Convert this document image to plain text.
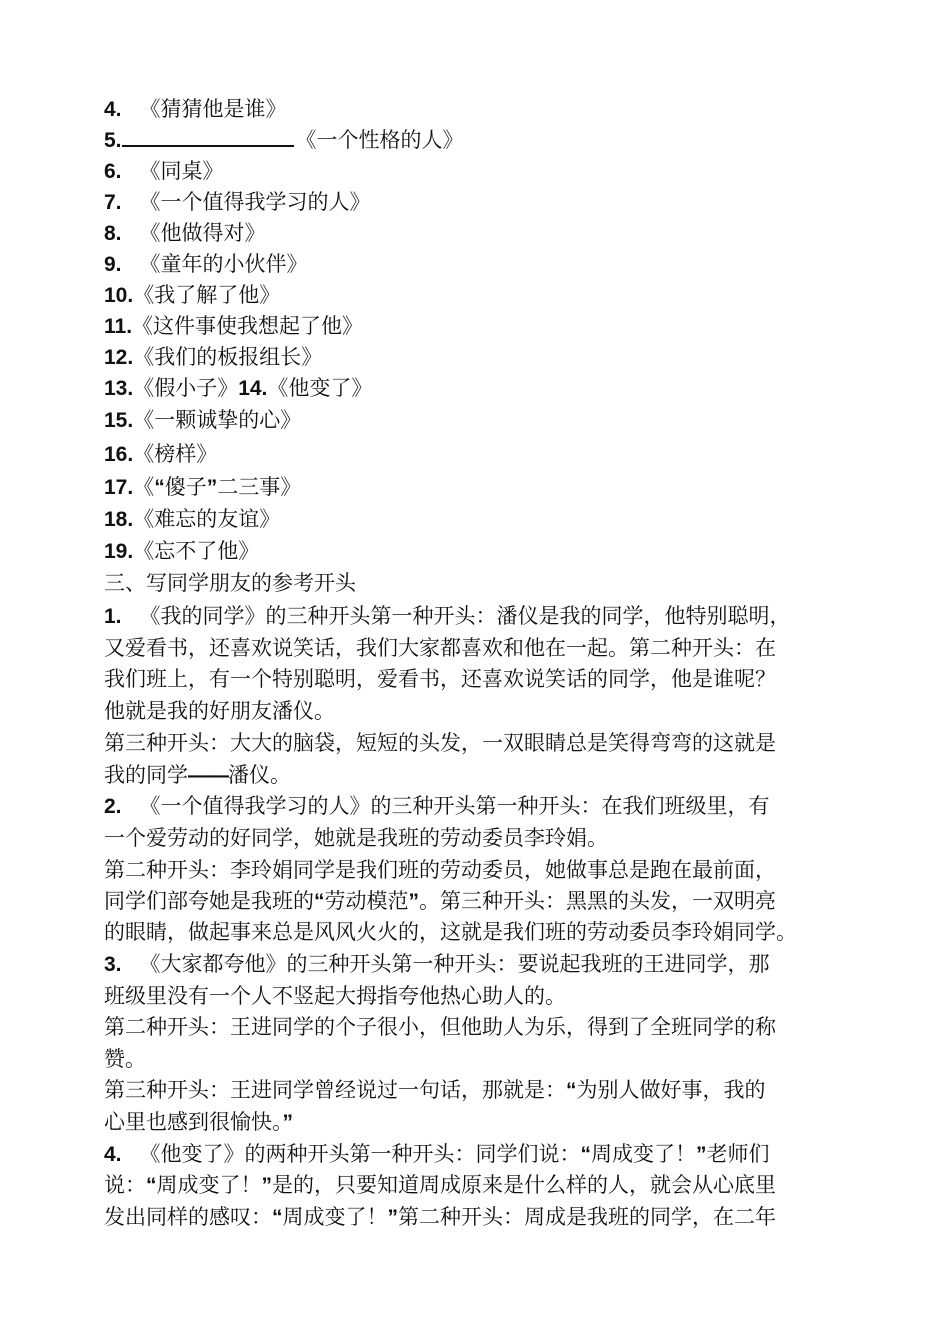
4. 《猜猜他是谁》
5.	《一个性格的人》
6. 《同桌》
7. 《一个值得我学习的人》
8. 《他做得对》
9. 《童年的小伙伴》
10.《我了解了他》
11.《这件事使我想起了他》
12.《我们的板报组长》
13.《假小子》14.《他变了》
15.《一颗诚挚的心》
16.《榜样》
17.《“傻子”二三事》
18.《难忘的友谊》
19.《忘不了他》
三、写同学朋友的参考开头
1. 《我的同学》的三种开头第一种开头：潘仪是我的同学，他特别聪明，
又爱看书，还喜欢说笑话，我们大家都喜欢和他在一起。第二种开头：在
我们班上，有一个特别聪明，爱看书，还喜欢说笑话的同学，他是谁呢？
他就是我的好朋友潘仪。
第三种开头：大大的脑袋，短短的头发，一双眼睛总是笑得弯弯的这就是
我的同学——潘仪。
2. 《一个值得我学习的人》的三种开头第一种开头：在我们班级里，有
一个爱劳动的好同学，她就是我班的劳动委员李玲娟。
第二种开头：李玲娟同学是我们班的劳动委员，她做事总是跑在最前面，
同学们部夸她是我班的“劳动模范”。第三种开头：黑黑的头发，一双明亮
的眼睛，做起事来总是风风火火的，这就是我们班的劳动委员李玲娟同学。
3. 《大家都夸他》的三种开头第一种开头：要说起我班的王进同学，那
班级里没有一个人不竖起大拇指夸他热心助人的。
第二种开头：王进同学的个子很小，但他助人为乐，得到了全班同学的称
赞。
第三种开头：王进同学曾经说过一句话，那就是：“为别人做好事，我的
心里也感到很愉快。”
4. 《他变了》的两种开头第一种开头：同学们说：“周成变了！”老师们
说：“周成变了！”是的，只要知道周成原来是什么样的人，就会从心底里
发出同样的感叹：“周成变了！”第二种开头：周成是我班的同学，在二年
